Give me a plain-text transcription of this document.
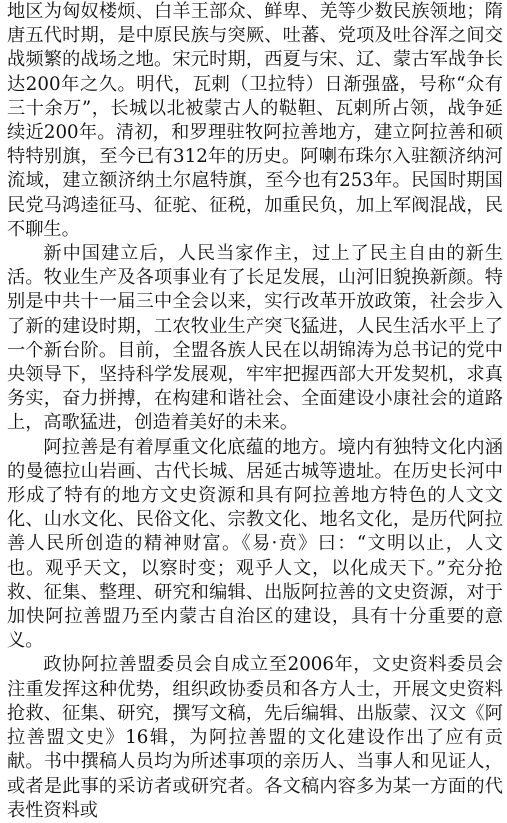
地区为匈奴楼烦、白羊王部众、鲜卑、羌等少数民族领地；隋唐五代时期，是中原民族与突厥、吐蕃、党项及吐谷浑之间交战频繁的战场之地。宋元时期，西夏与宋、辽、蒙古军战争长达200年之久。明代，瓦剌（卫拉特）日渐强盛，号称“众有三十余万”，长城以北被蒙古人的鞑靼、瓦剌所占领，战争延续近200年。清初，和罗理驻牧阿拉善地方，建立阿拉善和硕特特别旗，至今已有312年的历史。阿喇布珠尔入驻额济纳河流域，建立额济纳土尔扈特旗，至今也有253年。民国时期国民党马鸿逵征马、征驼、征税，加重民负，加上军阀混战，民不聊生。

新中国建立后，人民当家作主，过上了民主自由的新生活。牧业生产及各项事业有了长足发展，山河旧貌换新颜。特别是中共十一届三中全会以来，实行改革开放政策，社会步入了新的建设时期，工农牧业生产突飞猛进，人民生活水平上了一个新台阶。目前，全盟各族人民在以胡锦涛为总书记的党中央领导下，坚持科学发展观，牢牢把握西部大开发契机，求真务实，奋力拼搏，在构建和谐社会、全面建设小康社会的道路上，高歌猛进，创造着美好的未来。

阿拉善是有着厚重文化底蕴的地方。境内有独特文化内涵的曼德拉山岩画、古代长城、居延古城等遗址。在历史长河中形成了特有的地方文史资源和具有阿拉善地方特色的人文文化、山水文化、民俗文化、宗教文化、地名文化，是历代阿拉善人民所创造的精神财富。《易·贲》曰：“文明以止，人文也。观乎天文，以察时变；观乎人文，以化成天下。”充分抢救、征集、整理、研究和编辑、出版阿拉善的文史资源，对于加快阿拉善盟乃至内蒙古自治区的建设，具有十分重要的意义。

政协阿拉善盟委员会自成立至2006年，文史资料委员会注重发挥这种优势，组织政协委员和各方人士，开展文史资料抢救、征集、研究，撰写文稿，先后编辑、出版蒙、汉文《阿拉善盟文史》16辑，为阿拉善盟的文化建设作出了应有贡献。书中撰稿人员均为所述事项的亲历人、当事人和见证人，或者是此事的采访者或研究者。各文稿内容多为某一方面的代表性资料或
